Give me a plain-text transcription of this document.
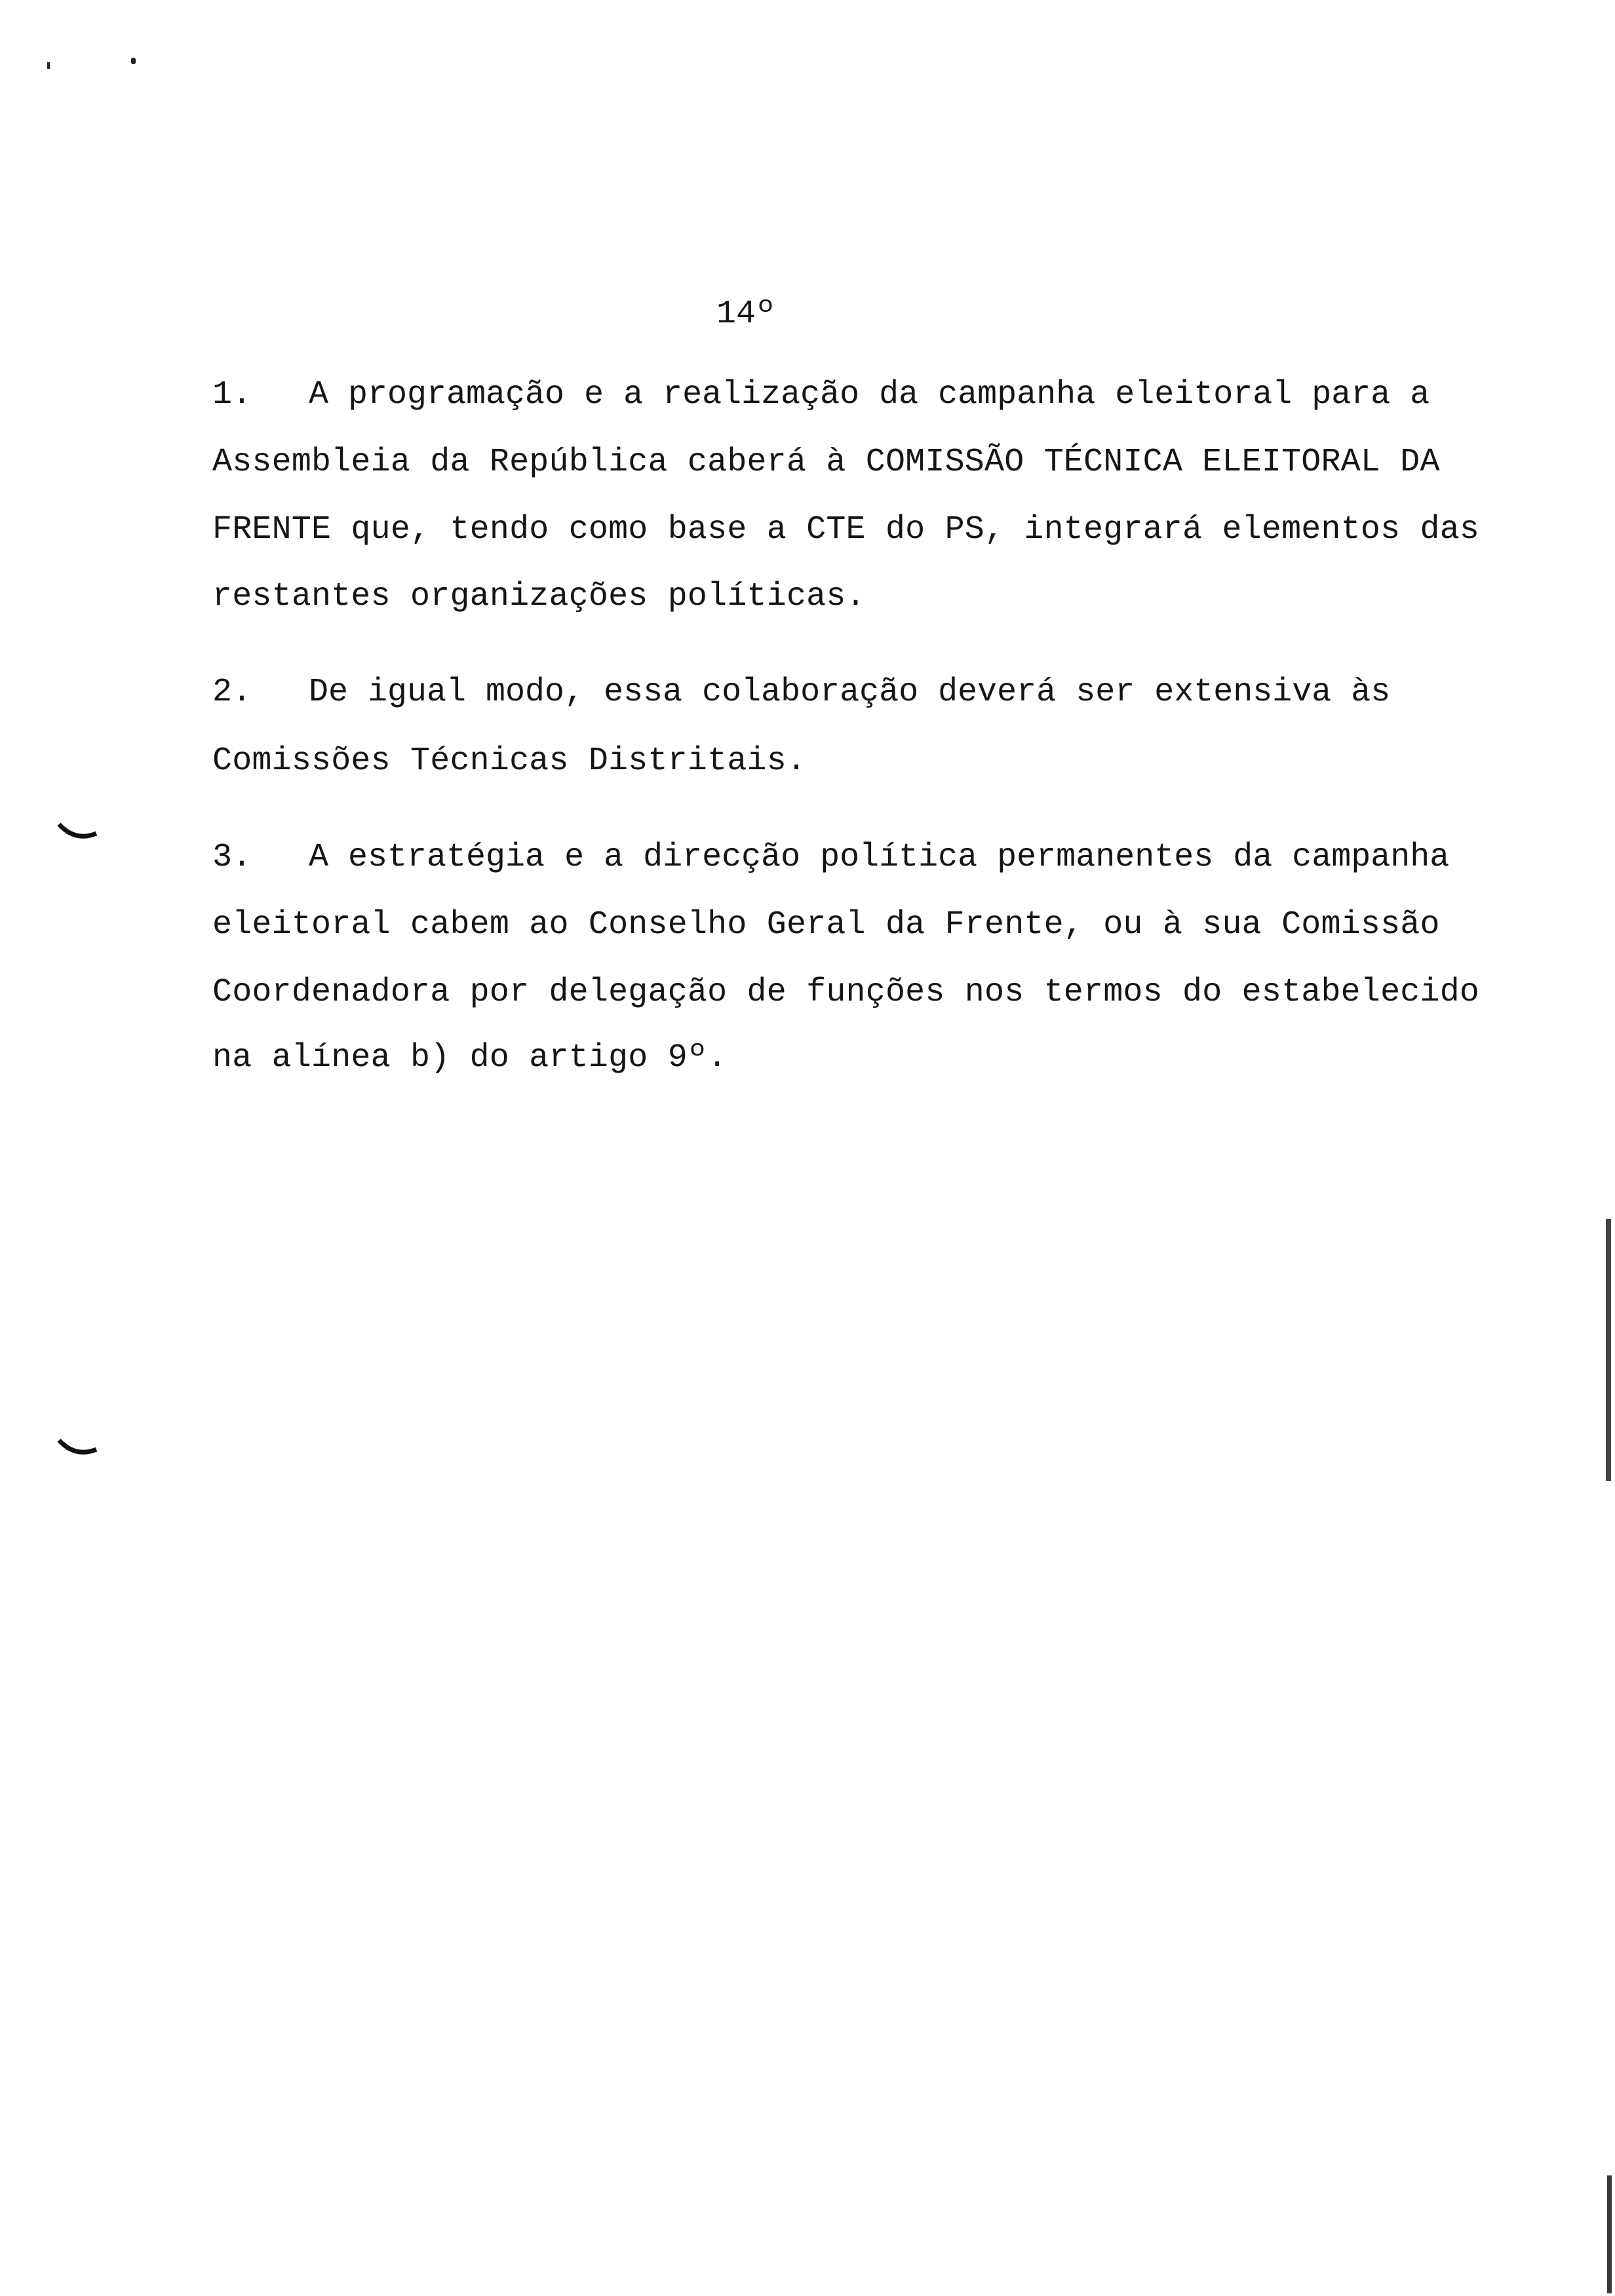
14º
1. A programação e a realização da campanha eleitoral para a
Assembleia da República caberá à COMISSÃO TÉCNICA ELEITORAL DA
FRENTE que, tendo como base a CTE do PS, integrará elementos das
restantes organizações políticas.
2. De igual modo, essa colaboração deverá ser extensiva às
Comissões Técnicas Distritais.
3. A estratégia e a direcção política permanentes da campanha
eleitoral cabem ao Conselho Geral da Frente, ou à sua Comissão
Coordenadora por delegação de funções nos termos do estabelecido
na alínea b) do artigo 9º.
